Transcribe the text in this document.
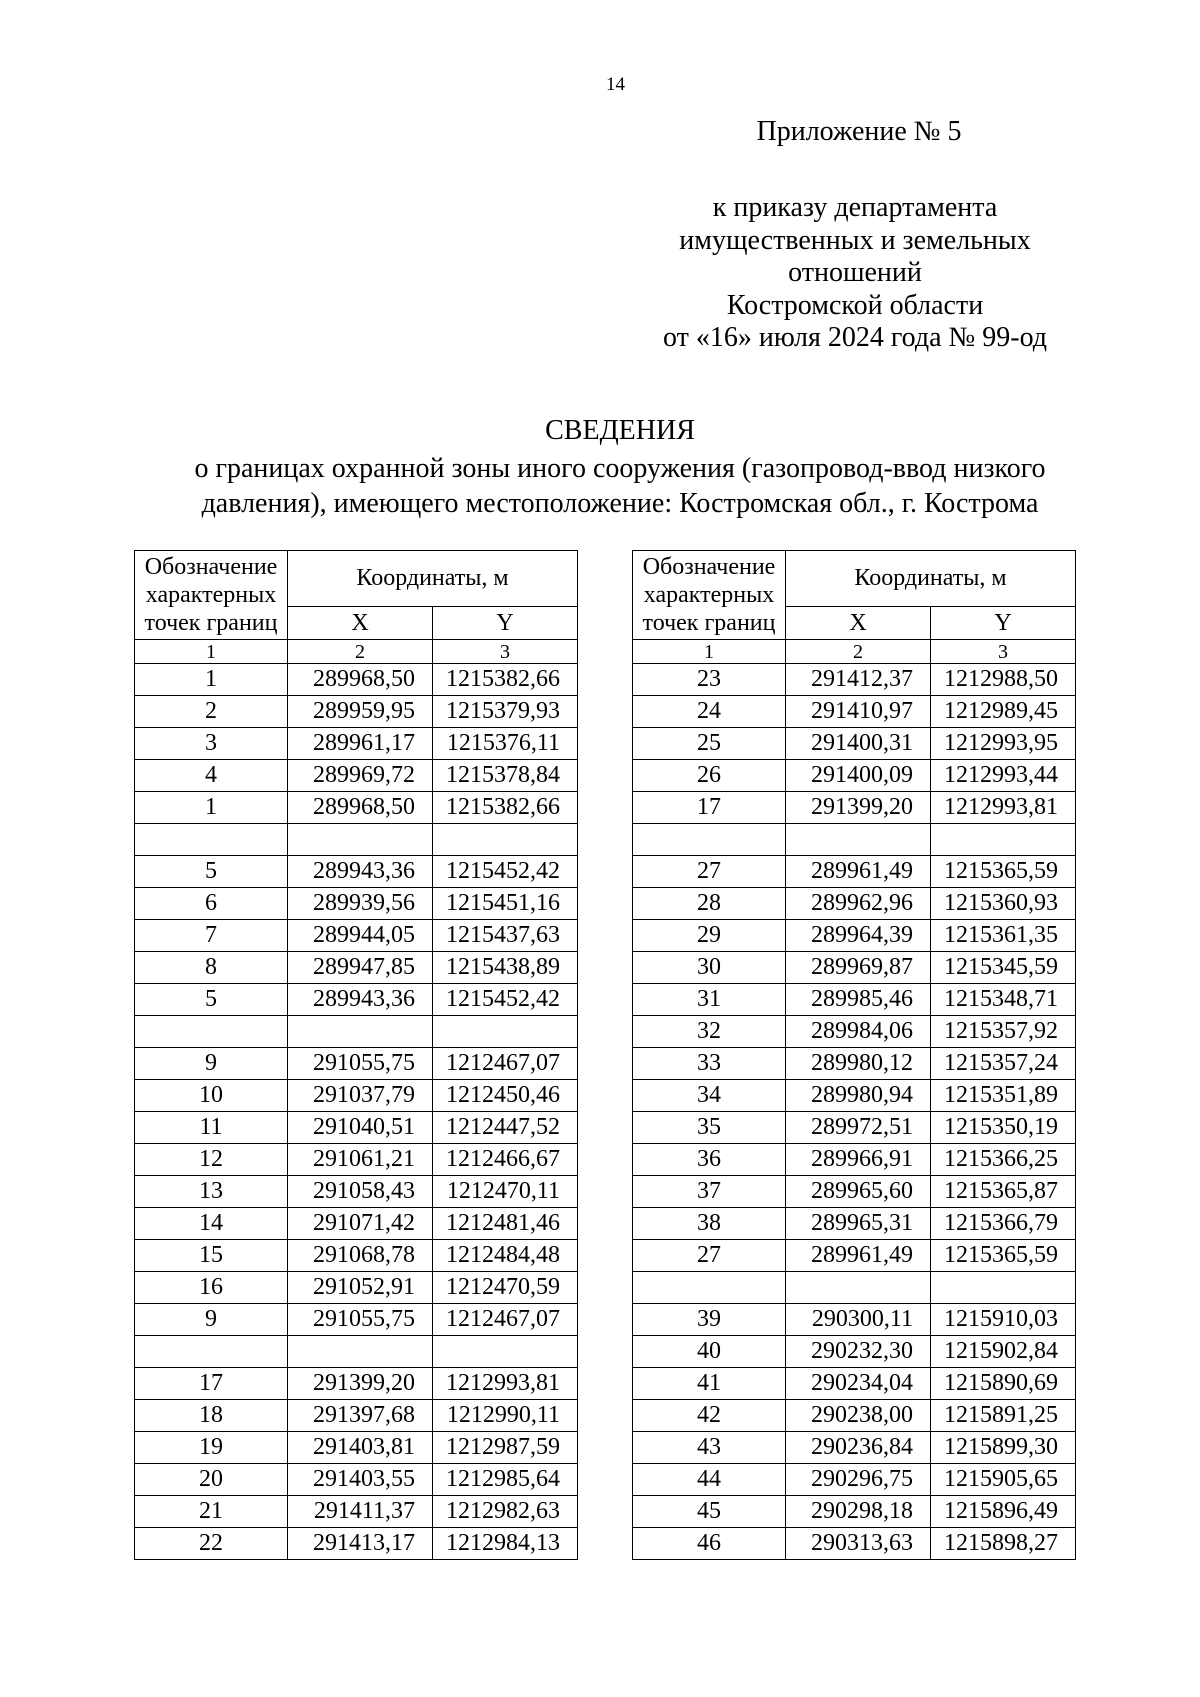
14
Приложение № 5
к приказу департамента
имущественных и земельных
отношений
Костромской области
от «16» июля 2024 года № 99-од
СВЕДЕНИЯ
о границах охранной зоны иного сооружения (газопровод-ввод низкого давления), имеющего местоположение: Костромская обл., г. Кострома
Обозначение характерных точек границ	Координаты, м	
	X	Y
1	2	3
1	289968,50	1215382,66
2	289959,95	1215379,93
3	289961,17	1215376,11
4	289969,72	1215378,84
1	289968,50	1215382,66

5	289943,36	1215452,42
6	289939,56	1215451,16
7	289944,05	1215437,63
8	289947,85	1215438,89
5	289943,36	1215452,42

9	291055,75	1212467,07
10	291037,79	1212450,46
11	291040,51	1212447,52
12	291061,21	1212466,67
13	291058,43	1212470,11
14	291071,42	1212481,46
15	291068,78	1212484,48
16	291052,91	1212470,59
9	291055,75	1212467,07

17	291399,20	1212993,81
18	291397,68	1212990,11
19	291403,81	1212987,59
20	291403,55	1212985,64
21	291411,37	1212982,63
22	291413,17	1212984,13
Обозначение характерных точек границ	Координаты, м	
	X	Y
1	2	3
23	291412,37	1212988,50
24	291410,97	1212989,45
25	291400,31	1212993,95
26	291400,09	1212993,44
17	291399,20	1212993,81

27	289961,49	1215365,59
28	289962,96	1215360,93
29	289964,39	1215361,35
30	289969,87	1215345,59
31	289985,46	1215348,71
32	289984,06	1215357,92
33	289980,12	1215357,24
34	289980,94	1215351,89
35	289972,51	1215350,19
36	289966,91	1215366,25
37	289965,60	1215365,87
38	289965,31	1215366,79
27	289961,49	1215365,59

39	290300,11	1215910,03
40	290232,30	1215902,84
41	290234,04	1215890,69
42	290238,00	1215891,25
43	290236,84	1215899,30
44	290296,75	1215905,65
45	290298,18	1215896,49
46	290313,63	1215898,27
